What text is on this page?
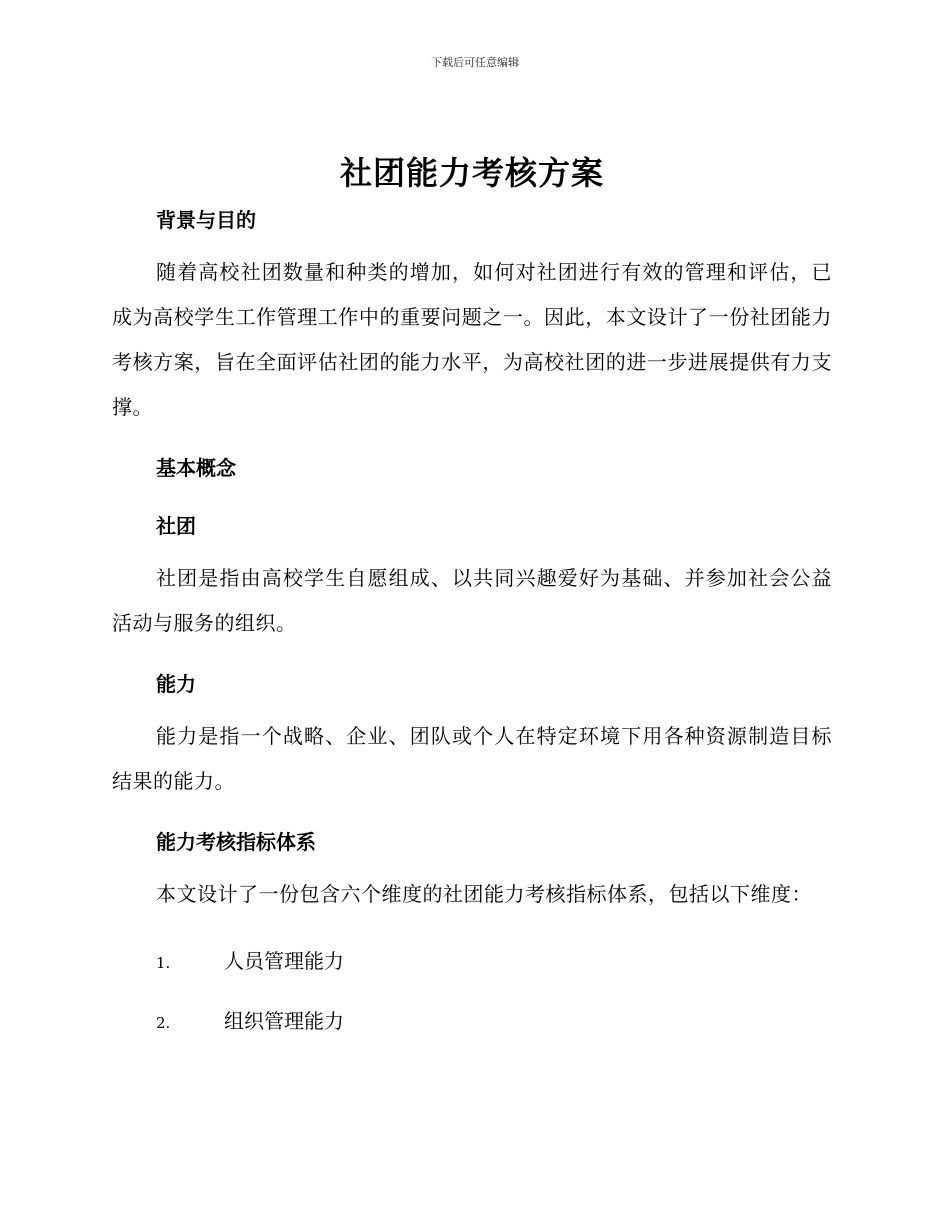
下载后可任意编辑
社团能力考核方案
背景与目的

随着高校社团数量和种类的增加，如何对社团进行有效的管理和评估，已成为高校学生工作管理工作中的重要问题之一。因此，本文设计了一份社团能力考核方案，旨在全面评估社团的能力水平，为高校社团的进一步进展提供有力支撑。

基本概念
社团

社团是指由高校学生自愿组成、以共同兴趣爱好为基础、并参加社会公益活动与服务的组织。

能力

能力是指一个战略、企业、团队或个人在特定环境下用各种资源制造目标结果的能力。

能力考核指标体系

本文设计了一份包含六个维度的社团能力考核指标体系，包括以下维度：

1.	人员管理能力
2.	组织管理能力
